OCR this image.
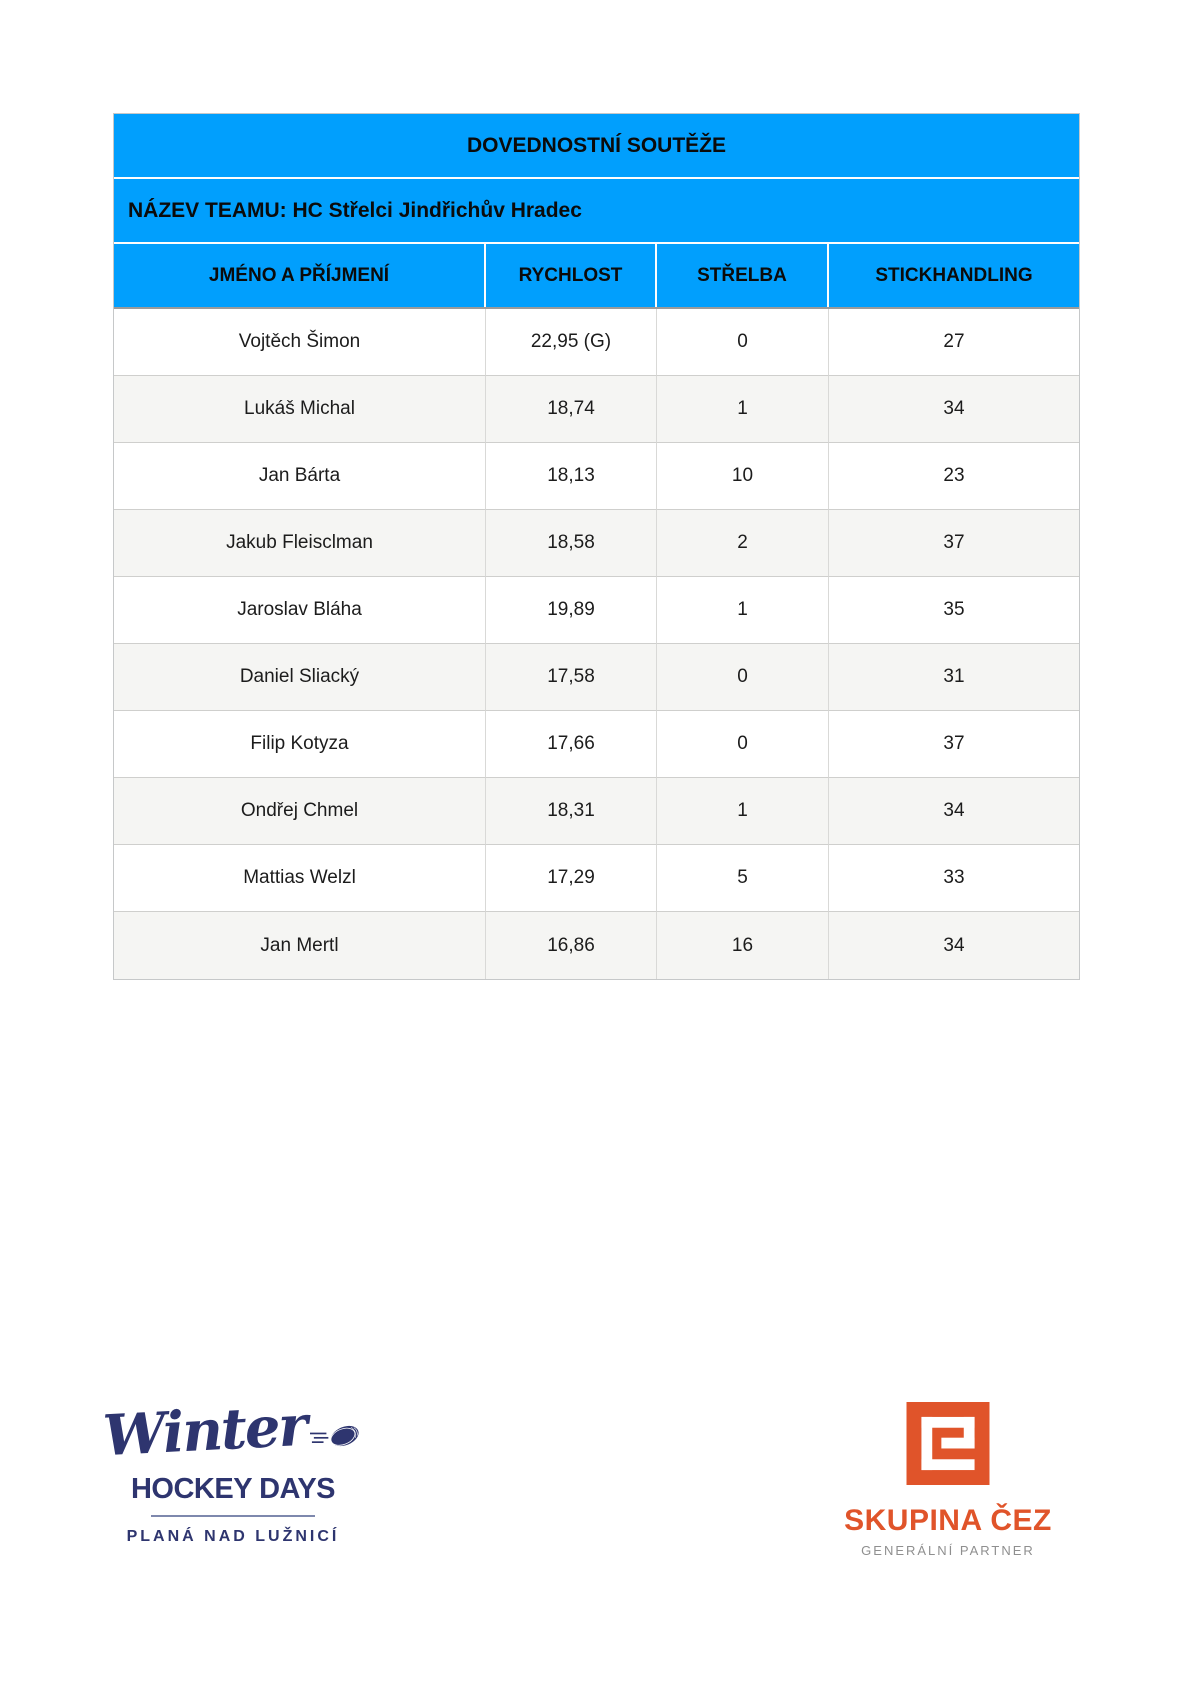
DOVEDNOSTNÍ SOUTĚŽE
NÁZEV TEAMU: HC Střelci Jindřichův Hradec
JMÉNO A PŘÍJMENÍ	RYCHLOST	STŘELBA	STICKHANDLING
Vojtěch Šimon	22,95 (G)	0	27
Lukáš Michal	18,74	1	34
Jan Bárta	18,13	10	23
Jakub Fleisclman	18,58	2	37
Jaroslav Bláha	19,89	1	35
Daniel Sliacký	17,58	0	31
Filip Kotyza	17,66	0	37
Ondřej Chmel	18,31	1	34
Mattias Welzl	17,29	5	33
Jan Mertl	16,86	16	34
Winter
HOCKEY DAYS
PLANÁ NAD LUŽNICÍ	SKUPINA ČEZ
GENERÁLNÍ PARTNER
